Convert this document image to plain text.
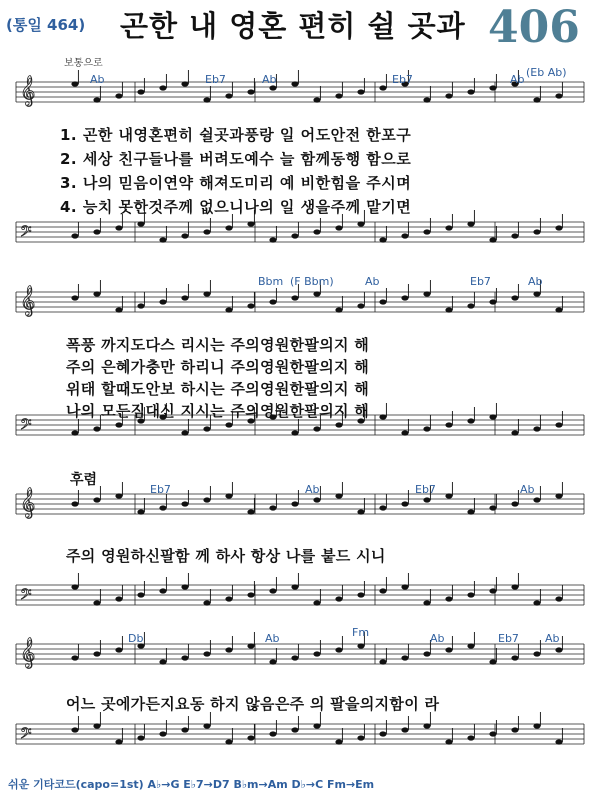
(통일 464) 곤한 내 영혼 편히 쉴 곳과 406
보통으로
𝄞
𝄢
𝄞
𝄢
𝄞
𝄢
𝄞
𝄢
Ab	Eb7	Ab	Eb7	Ab
(Eb Ab)
Bbm (F Bbm)	Ab	Eb7	Ab
Eb7	Ab	Eb7	Ab
Db	Ab	Fm	Ab	Eb7 Ab
1. 곤한 내영혼편히 쉴곳과풍랑 일 어도안전 한포구
2. 세상 친구들나를 버려도예수 늘 함께동행 함으로
3. 나의 믿음이연약 해져도미리 예 비한힘을 주시며
4. 능치 못한것주께 없으니나의 일 생을주께 맡기면
폭풍 까지도다스 리시는 주의영원한팔의지 해
주의 은혜가충만 하리니 주의영원한팔의지 해
위태 할때도안보 하시는 주의영원한팔의지 해
나의 모든짐대신 지시는 주의영원한팔의지 해
후렴
주의 영원하신팔함 께 하사 항상 나를 붙드 시니
어느 곳에가든지요동 하지 않음은주 의 팔을의지함이 라
쉬운 기타코드(capo=1st) A♭→G E♭7→D7 B♭m→Am D♭→C Fm→Em
